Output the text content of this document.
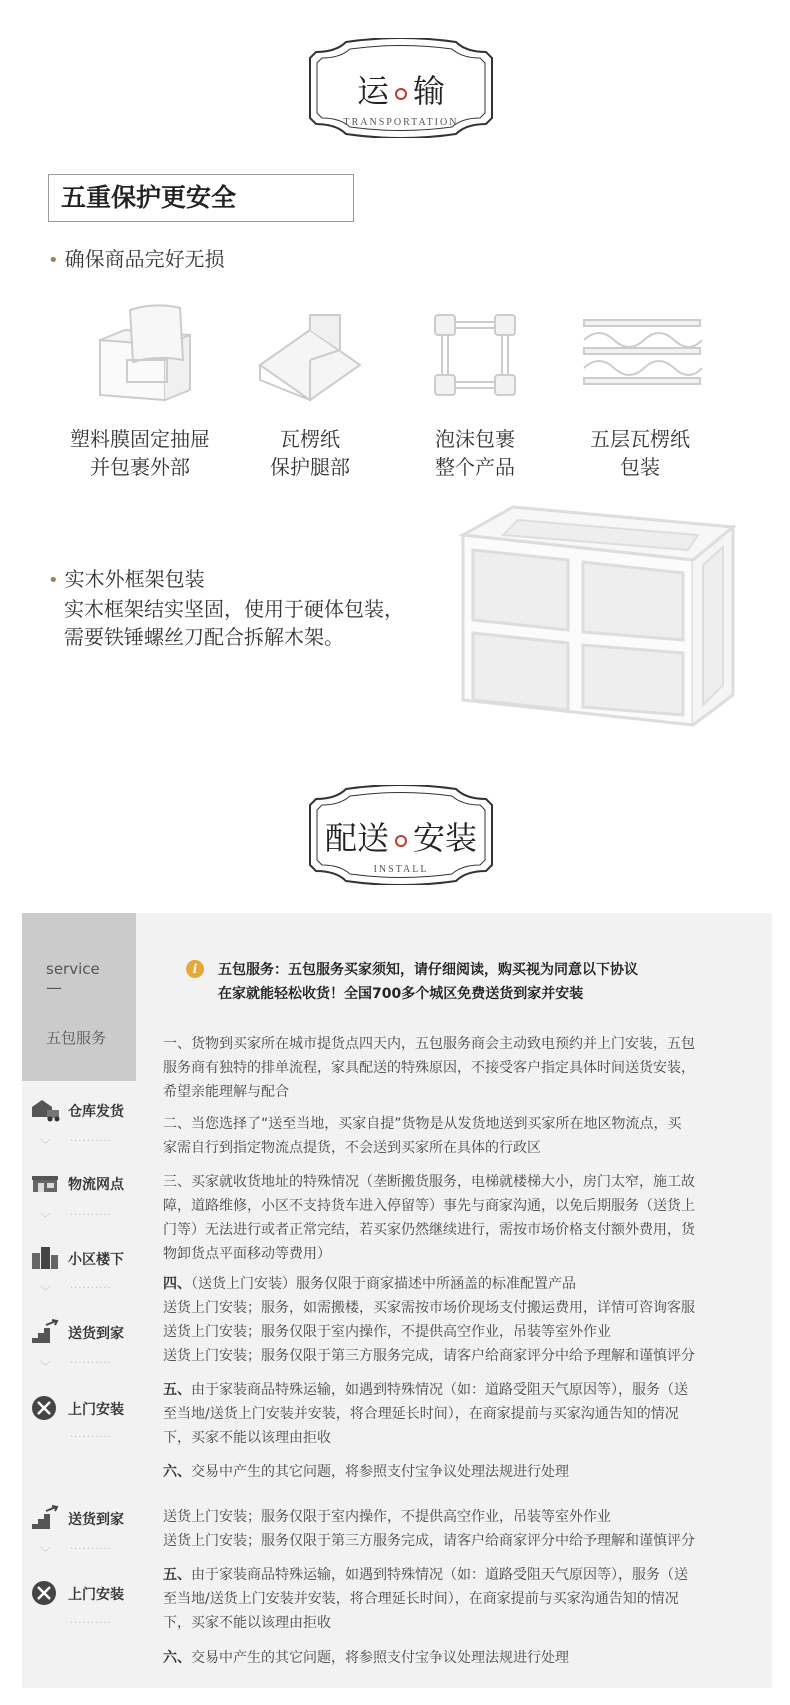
运 输
TRANSPORTATION
五重保护更安全
• 确保商品完好无损
塑料膜固定抽屉
并包裹外部
瓦楞纸
保护腿部
泡沫包裹
整个产品
五层瓦楞纸
包装
• 实木外框架包装
实木框架结实坚固，使用于硬体包装，
需要铁锤螺丝刀配合拆解木架。
配送 安装
INSTALL
service
—
五包服务
仓库发货
﹀ ··········
物流网点
﹀ ··········
小区楼下
﹀ ··········
送货到家
﹀ ··········
上门安装
··········
送货到家
﹀ ··········
上门安装
··········
i	五包服务：五包服务买家须知，请仔细阅读，购买视为同意以下协议
在家就能轻松收货！全国700多个城区免费送货到家并安装
一、货物到买家所在城市提货点四天内，五包服务商会主动致电预约并上门安装，五包
服务商有独特的排单流程，家具配送的特殊原因，不接受客户指定具体时间送货安装，
希望亲能理解与配合
二、当您选择了“送至当地，买家自提”货物是从发货地送到买家所在地区物流点，买
家需自行到指定物流点提货，不会送到买家所在具体的行政区
三、买家就收货地址的特殊情况（垄断搬货服务，电梯就楼梯大小，房门太窄，施工故
障，道路维修，小区不支持货车进入停留等）事先与商家沟通，以免后期服务（送货上
门等）无法进行或者正常完结，若买家仍然继续进行，需按市场价格支付额外费用，货
物卸货点平面移动等费用）
四、（送货上门安装）服务仅限于商家描述中所涵盖的标准配置产品
送货上门安装；服务，如需搬楼，买家需按市场价现场支付搬运费用，详情可咨询客服
送货上门安装；服务仅限于室内操作，不提供高空作业，吊装等室外作业
送货上门安装；服务仅限于第三方服务完成，请客户给商家评分中给予理解和谨慎评分
五、由于家装商品特殊运输，如遇到特殊情况（如：道路受阻天气原因等），服务（送
至当地/送货上门安装并安装，将合理延长时间），在商家提前与买家沟通告知的情况
下，买家不能以该理由拒收
六、交易中产生的其它问题，将参照支付宝争议处理法规进行处理
送货上门安装；服务仅限于室内操作，不提供高空作业，吊装等室外作业
送货上门安装；服务仅限于第三方服务完成，请客户给商家评分中给予理解和谨慎评分
五、由于家装商品特殊运输，如遇到特殊情况（如：道路受阻天气原因等），服务（送
至当地/送货上门安装并安装，将合理延长时间），在商家提前与买家沟通告知的情况
下，买家不能以该理由拒收
六、交易中产生的其它问题，将参照支付宝争议处理法规进行处理
